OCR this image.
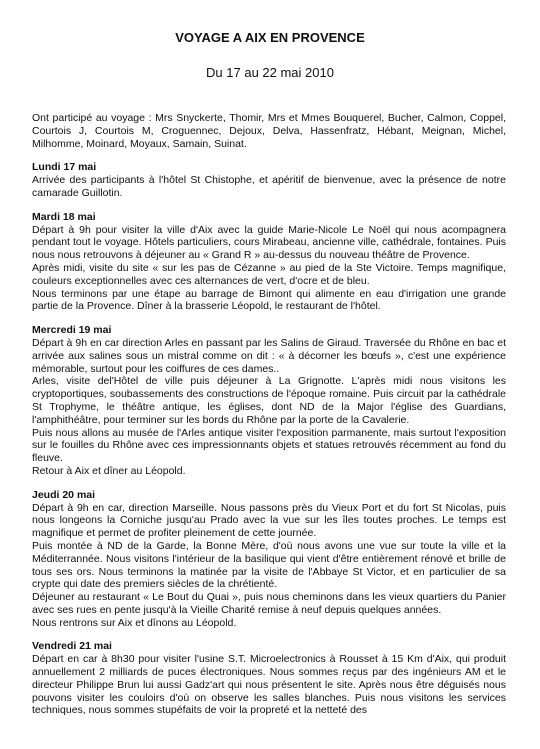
VOYAGE A AIX EN PROVENCE
Du 17 au 22 mai 2010

Ont participé au voyage : Mrs Snyckerte, Thomir, Mrs et Mmes Bouquerel, Bucher, Calmon, Coppel, Courtois J, Courtois M, Croguennec, Dejoux, Delva, Hassenfratz, Hébant, Meignan, Michel, Milhomme, Moinard, Moyaux, Samain, Suinat.

Lundi 17 mai

Arrivée des participants à l'hôtel St Chistophe, et apéritif de bienvenue, avec la présence de notre camarade Guillotin.

Mardi 18 mai

Départ à 9h pour visiter la ville d'Aix avec la guide Marie-Nicole Le Noël qui nous acompagnera pendant tout le voyage. Hôtels particuliers, cours Mirabeau, ancienne ville, cathédrale, fontaines. Puis nous nous retrouvons à déjeuner au « Grand R » au-dessus du nouveau théâtre de Provence.

Après midi, visite du site « sur les pas de Cézanne » au pied de la Ste Victoire. Temps magnifique, couleurs exceptionnelles avec ces alternances de vert, d'ocre et de bleu.

Nous terminons par une étape au barrage de Bimont qui alimente en eau d'irrigation une grande partie de la Provence. Dîner à la brasserie Léopold, le restaurant de l'hôtel.

Mercredi 19 mai

Départ à 9h en car direction Arles en passant par les Salins de Giraud. Traversée du Rhône en bac et arrivée aux salines sous un mistral comme on dit : « à décorner les bœufs », c'est une expérience mémorable, surtout pour les coiffures de ces dames..

Arles, visite del'Hôtel de ville puis déjeuner à La Grignotte. L'après midi nous visitons les cryptoportiques, soubassements des constructions de l'époque romaine. Puis circuit par la cathédrale St Trophyme, le théâtre antique, les églises, dont ND de la Major l'église des Guardians, l'amphithéâtre, pour terminer sur les bords du Rhône par la porte de la Cavalerie.

Puis nous allons au musée de l'Arles antique visiter l'exposition parmanente, mais surtout l'exposition sur le fouilles du Rhône avec ces impressionnants objets et statues retrouvés récemment au fond du fleuve.

Retour à Aix et dîner au Léopold.

Jeudi 20 mai

Départ à 9h en car, direction Marseille. Nous passons près du Vieux Port et du fort St Nicolas, puis nous longeons la Corniche jusqu'au Prado avec la vue sur les îles toutes proches. Le temps est magnifique et permet de profiter pleinement de cette journée.

Puis montée à ND de la Garde, la Bonne Mère, d'où nous avons une vue sur toute la ville et la Méditerrannée. Nous visitons l'intérieur de la basilique qui vient d'être entièrement rénové et brille de tous ses ors. Nous terminons la matinée par la visite de l'Abbaye St Victor, et en particulier de sa crypte qui date des premiers siècles de la chrétienté.

Déjeuner au restaurant « Le Bout du Quai », puis nous cheminons dans les vieux quartiers du Panier avec ses rues en pente jusqu'à la Vieille Charité remise à neuf depuis quelques années.

Nous rentrons sur Aix et dînons au Léopold.

Vendredi 21 mai

Départ en car à 8h30 pour visiter l'usine S.T. Microelectronics à Rousset à 15 Km d'Aix, qui produit annuellement 2 milliards de puces électroniques. Nous sommes reçus par des ingénieurs AM et le directeur Philippe Brun lui aussi Gadz'art qui nous présentent le site. Après nous être déguisés nous pouvons visiter les couloirs d'où on observe les salles blanches. Puis nous visitons les services techniques, nous sommes stupéfaits de voir la propreté et la netteté des
